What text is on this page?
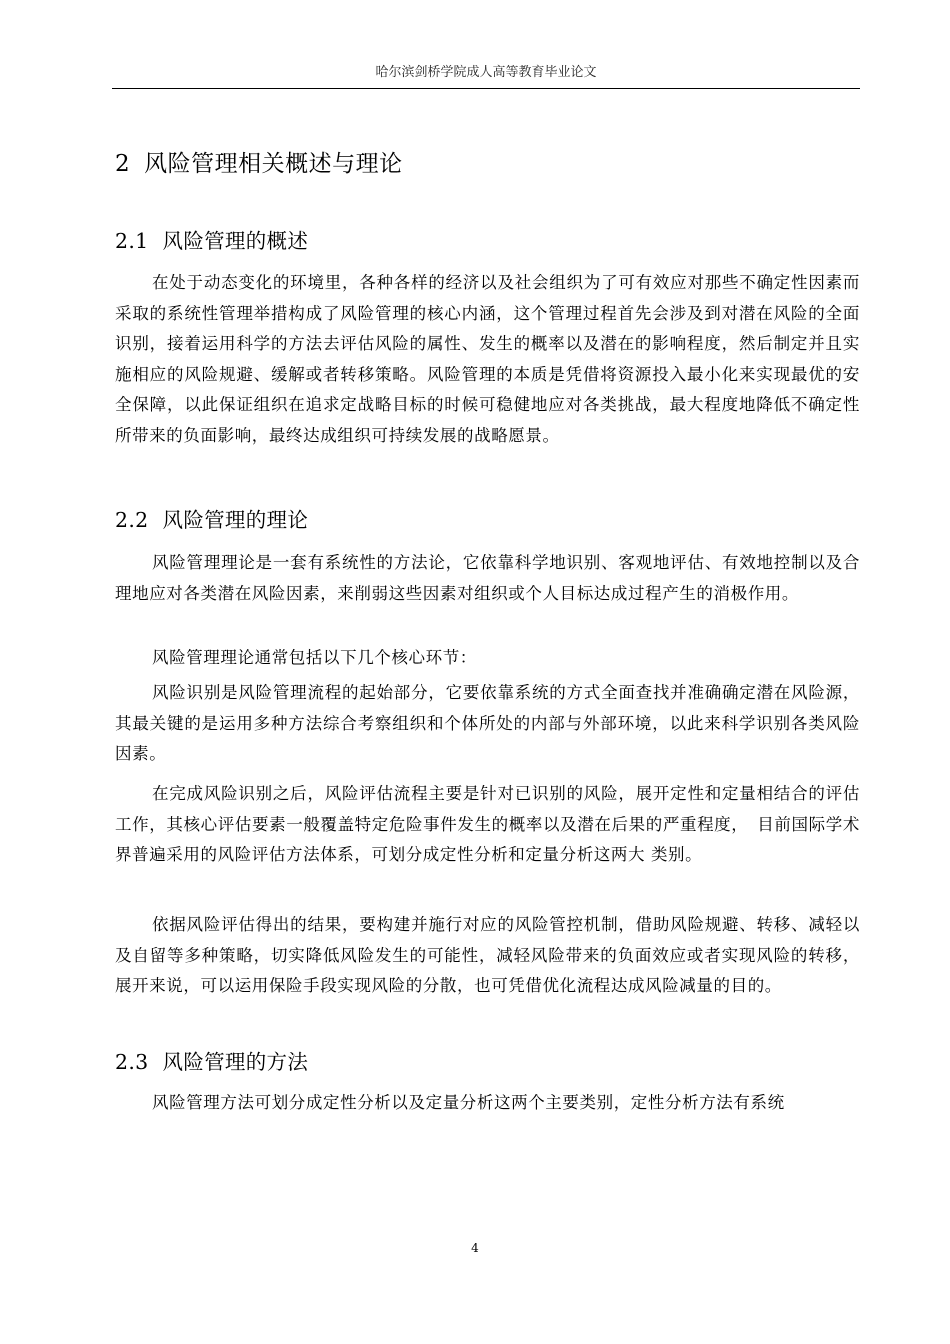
哈尔滨剑桥学院成人高等教育毕业论文
2 风险管理相关概述与理论
2.1 风险管理的概述

在处于动态变化的环境里，各种各样的经济以及社会组织为了可有效应对那些不确定性因素而采取的系统性管理举措构成了风险管理的核心内涵，这个管理过程首先会涉及到对潜在风险的全面识别，接着运用科学的方法去评估风险的属性、发生的概率以及潜在的影响程度，然后制定并且实施相应的风险规避、缓解或者转移策略。风险管理的本质是凭借将资源投入最小化来实现最优的安全保障，以此保证组织在追求定战略目标的时候可稳健地应对各类挑战，最大程度地降低不确定性所带来的负面影响，最终达成组织可持续发展的战略愿景。

2.2 风险管理的理论

风险管理理论是一套有系统性的方法论，它依靠科学地识别、客观地评估、有效地控制以及合理地应对各类潜在风险因素，来削弱这些因素对组织或个人目标达成过程产生的消极作用。

风险管理理论通常包括以下几个核心环节：

风险识别是风险管理流程的起始部分，它要依靠系统的方式全面查找并准确确定潜在风险源，其最关键的是运用多种方法综合考察组织和个体所处的内部与外部环境，以此来科学识别各类风险因素。

在完成风险识别之后，风险评估流程主要是针对已识别的风险，展开定性和定量相结合的评估工作，其核心评估要素一般覆盖特定危险事件发生的概率以及潜在后果的严重程度，　目前国际学术界普遍采用的风险评估方法体系，可划分成定性分析和定量分析这两大 类别。

依据风险评估得出的结果，要构建并施行对应的风险管控机制，借助风险规避、转移、减轻以及自留等多种策略，切实降低风险发生的可能性，减轻风险带来的负面效应或者实现风险的转移，展开来说，可以运用保险手段实现风险的分散，也可凭借优化流程达成风险减量的目的。

2.3 风险管理的方法

风险管理方法可划分成定性分析以及定量分析这两个主要类别，定性分析方法有系统

4
